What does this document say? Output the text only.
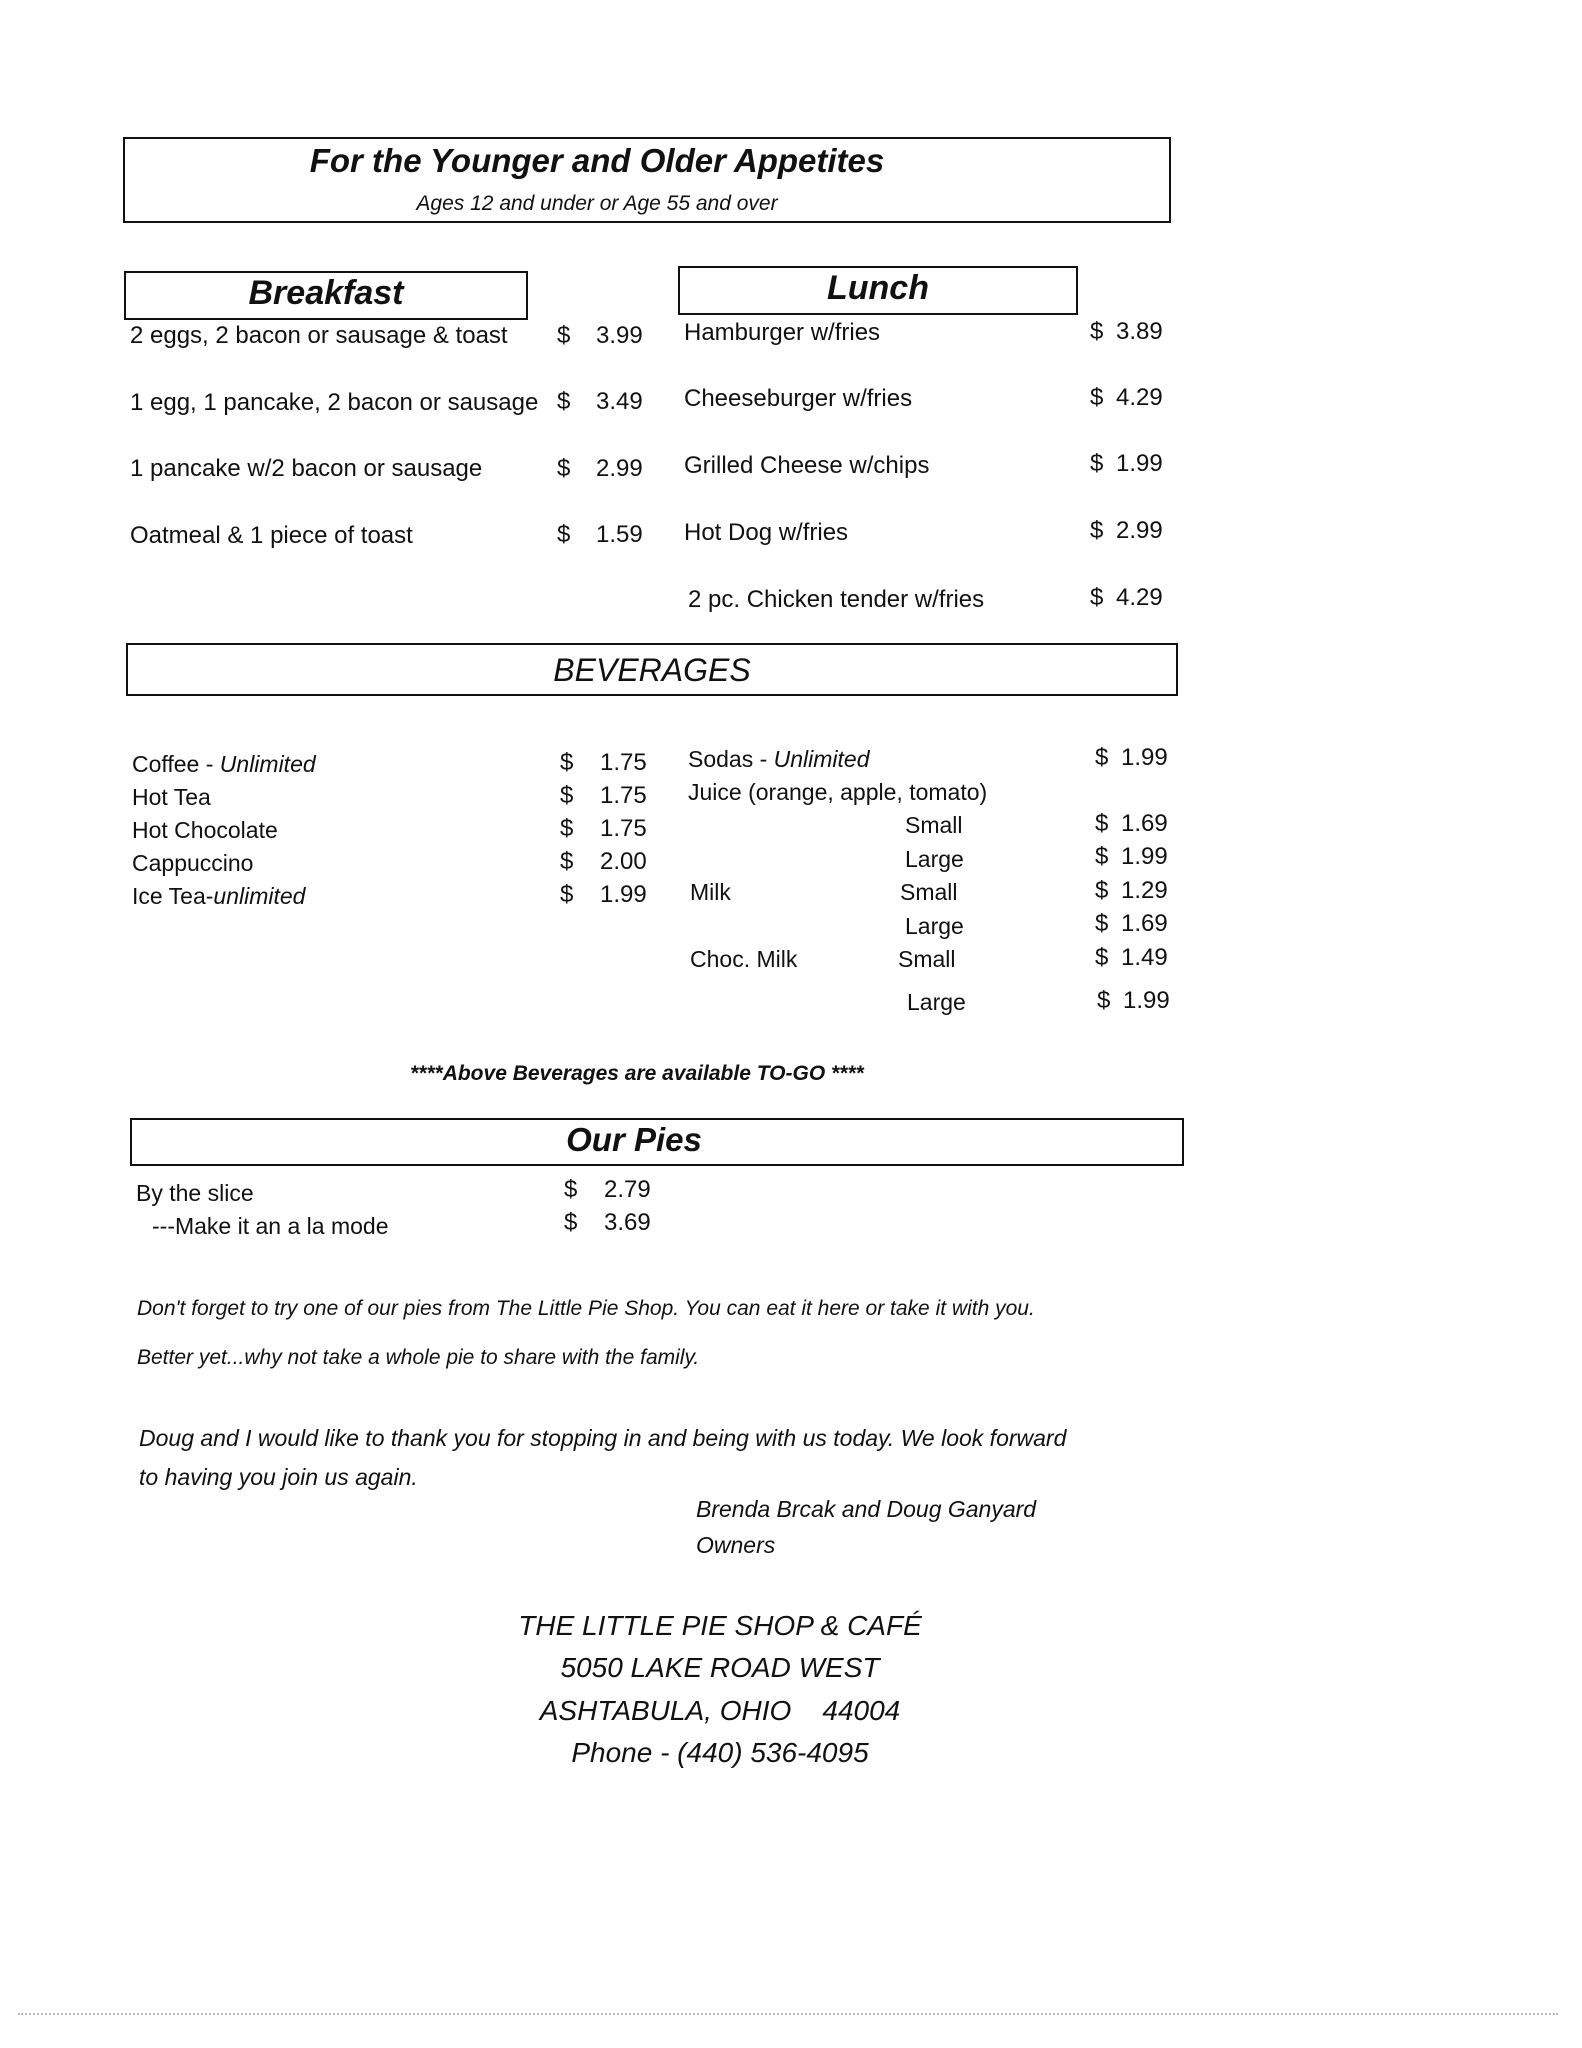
For the Younger and Older Appetites
Ages 12 and under or Age 55 and over
Breakfast
2 eggs, 2 bacon or sausage & toast $ 3.99
1 egg, 1 pancake, 2 bacon or sausage $ 3.49
1 pancake w/2 bacon or sausage	$ 2.99
Oatmeal & 1 piece of toast	$ 1.59
Lunch
Hamburger w/fries	$ 3.89
Cheeseburger w/fries	$ 4.29
Grilled Cheese w/chips	$ 1.99
Hot Dog w/fries	$ 2.99
2 pc. Chicken tender w/fries	$ 4.29
BEVERAGES
Coffee - Unlimited	$ 1.75
Hot Tea	$ 1.75
Hot Chocolate	$ 1.75
Cappuccino	$ 2.00
Ice Tea-unlimited	$ 1.99
Sodas - Unlimited	$ 1.99
Juice (orange, apple, tomato)
Small	$ 1.69
Large	$ 1.99
Milk	Small	$ 1.29
Large	$ 1.69
Choc. Milk	Small	$ 1.49
Large	$ 1.99
****Above Beverages are available TO-GO ****
Our Pies
By the slice	$ 2.79
---Make it an a la mode	$ 3.69
Don't forget to try one of our pies from The Little Pie Shop. You can eat it here or take it with you.
Better yet...why not take a whole pie to share with the family.
Doug and I would like to thank you for stopping in and being with us today. We look forward
to having you join us again.
Brenda Brcak and Doug Ganyard
Owners
THE LITTLE PIE SHOP & CAFÉ
5050 LAKE ROAD WEST
ASHTABULA, OHIO    44004
Phone - (440) 536-4095
